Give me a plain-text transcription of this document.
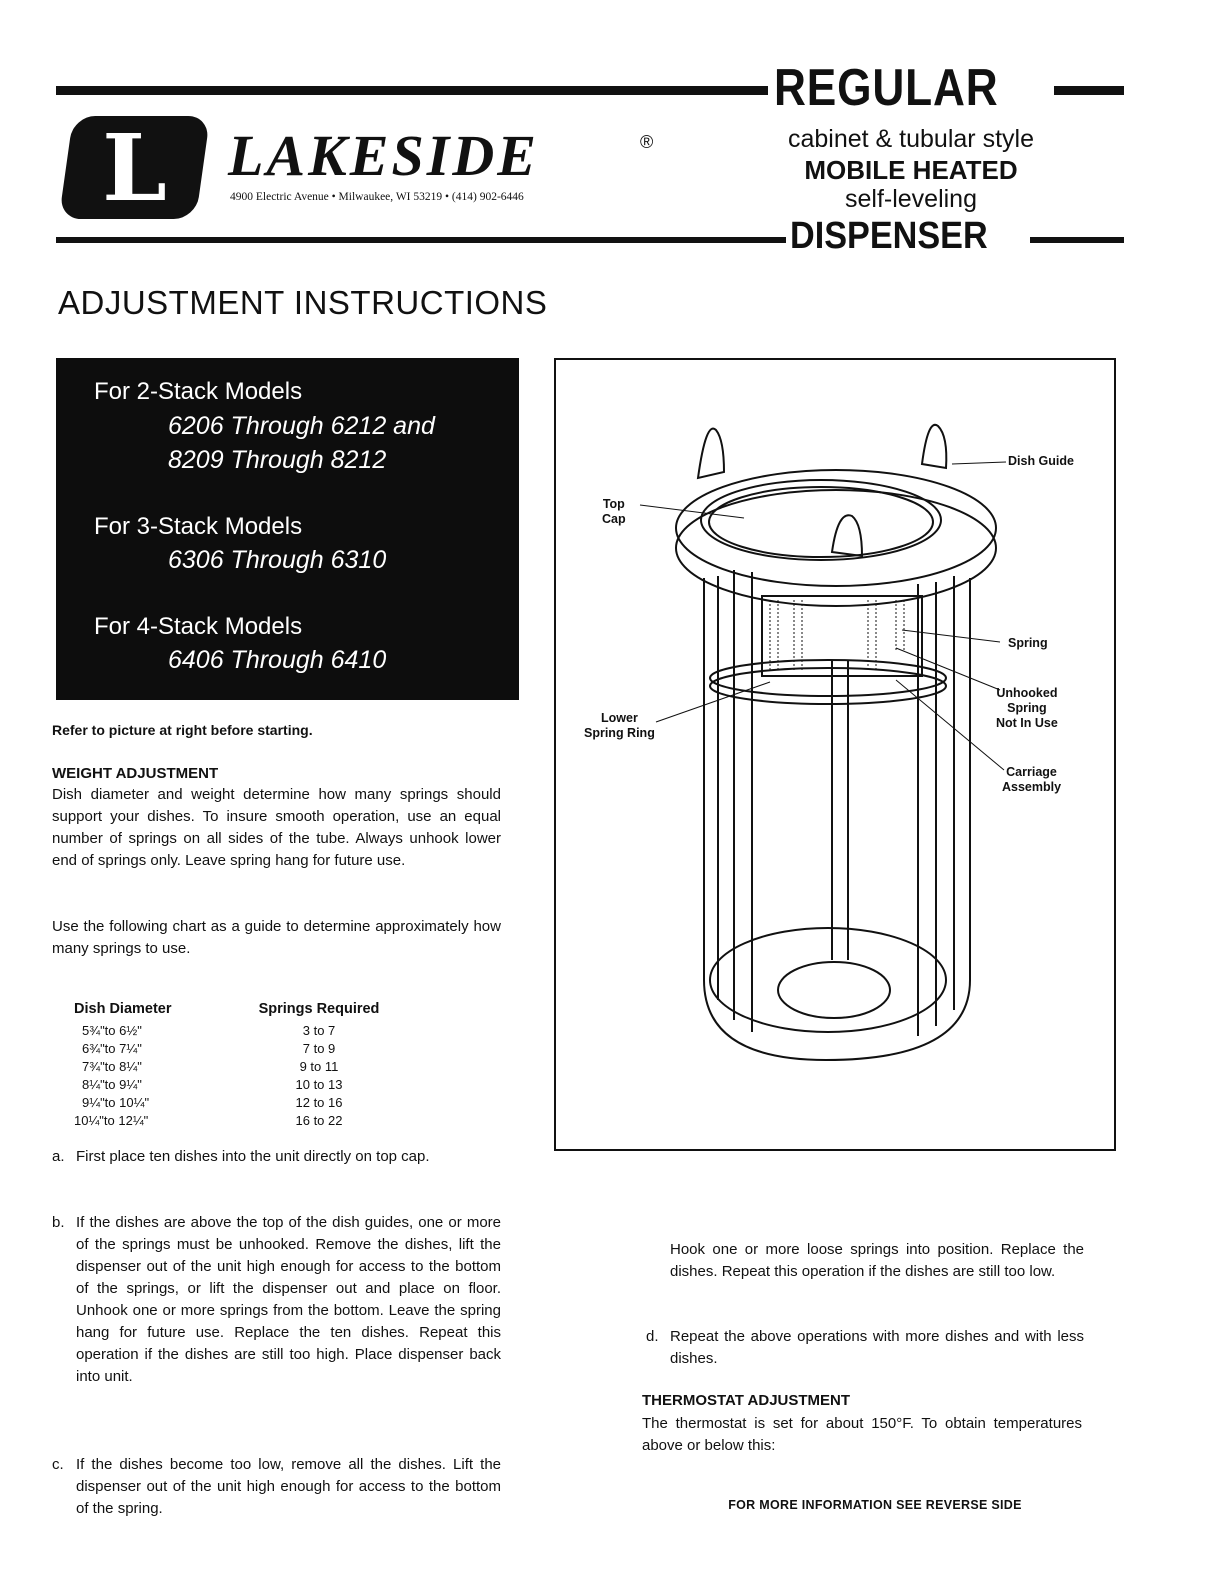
REGULAR
L	LAKESIDE	®
4900 Electric Avenue • Milwaukee, WI 53219 • (414) 902-6446
cabinet & tubular style
MOBILE HEATED
self-leveling
DISPENSER
ADJUSTMENT INSTRUCTIONS
For 2-Stack Models
6206 Through 6212 and
8209 Through 8212
For 3-Stack Models
6306 Through 6310
For 4-Stack Models
6406 Through 6410
Refer to picture at right before starting.
WEIGHT ADJUSTMENT
Dish diameter and weight determine how many springs should support your dishes. To insure smooth operation, use an equal number of springs on all sides of the tube. Always unhook lower end of springs only. Leave spring hang for future use.
Use the following chart as a guide to determine approximately how many springs to use.
Dish Diameter	Springs Required
5¾"to 6½"	3 to 7
6¾"to 7¼"	7 to 9
7¾"to 8¼"	9 to 11
8¼"to 9¼"	10 to 13
9¼"to 10¼"	12 to 16
10¼"to 12¼"	16 to 22
a. First place ten dishes into the unit directly on top cap.
b. If the dishes are above the top of the dish guides, one or more of the springs must be unhooked. Remove the dishes, lift the dispenser out of the unit high enough for access to the bottom of the springs, or lift the dispenser out and place on floor. Unhook one or more springs from the bottom. Leave the spring hang for future use. Replace the ten dishes. Repeat this operation if the dishes are still too high. Place dispenser back into unit.
c. If the dishes become too low, remove all the dishes. Lift the dispenser out of the unit high enough for access to the bottom of the spring.
Dish Guide
Top
Cap
Spring
Unhooked
Spring
Not In Use
Lower
Spring Ring
Carriage
Assembly
Hook one or more loose springs into position. Replace the dishes. Repeat this operation if the dishes are still too low.
d. Repeat the above operations with more dishes and with less dishes.
THERMOSTAT ADJUSTMENT
The thermostat is set for about 150°F. To obtain temperatures above or below this:
FOR MORE INFORMATION SEE REVERSE SIDE
